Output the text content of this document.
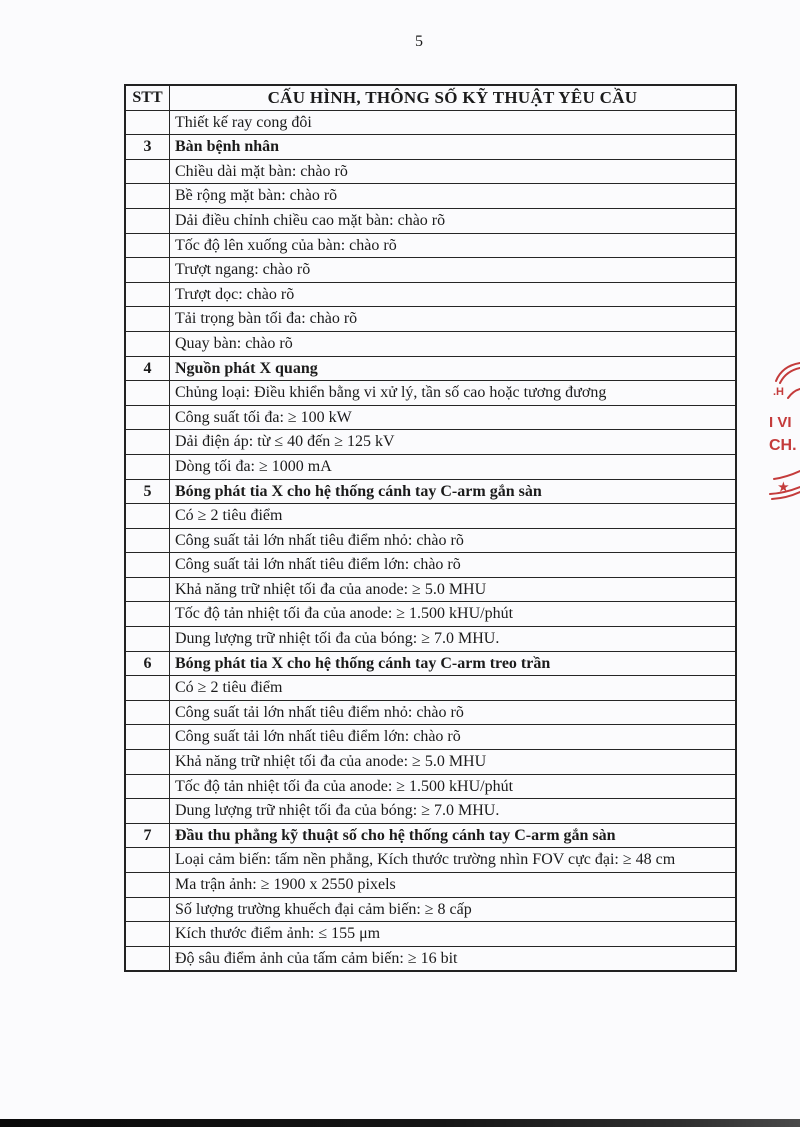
5
STT	CẤU HÌNH, THÔNG SỐ KỸ THUẬT YÊU CẦU
	Thiết kế ray cong đôi
3	Bàn bệnh nhân
	Chiều dài mặt bàn: chào rõ
	Bề rộng mặt bàn: chào rõ
	Dải điều chỉnh chiều cao mặt bàn: chào rõ
	Tốc độ lên xuống của bàn: chào rõ
	Trượt ngang: chào rõ
	Trượt dọc: chào rõ
	Tải trọng bàn tối đa: chào rõ
	Quay bàn: chào rõ
4	Nguồn phát X quang
	Chủng loại: Điều khiển bằng vi xử lý, tần số cao hoặc tương đương
	Công suất tối đa: ≥ 100 kW
	Dải điện áp: từ ≤ 40 đến ≥ 125 kV
	Dòng tối đa: ≥ 1000 mA
5	Bóng phát tia X cho hệ thống cánh tay C-arm gắn sàn
	Có ≥ 2 tiêu điểm
	Công suất tải lớn nhất tiêu điểm nhỏ: chào rõ
	Công suất tải lớn nhất tiêu điểm lớn: chào rõ
	Khả năng trữ nhiệt tối đa của anode: ≥ 5.0 MHU
	Tốc độ tản nhiệt tối đa của anode: ≥ 1.500 kHU/phút
	Dung lượng trữ nhiệt tối đa của bóng: ≥ 7.0 MHU.
6	Bóng phát tia X cho hệ thống cánh tay C-arm treo trần
	Có ≥ 2 tiêu điểm
	Công suất tải lớn nhất tiêu điểm nhỏ: chào rõ
	Công suất tải lớn nhất tiêu điểm lớn: chào rõ
	Khả năng trữ nhiệt tối đa của anode: ≥ 5.0 MHU
	Tốc độ tản nhiệt tối đa của anode: ≥ 1.500 kHU/phút
	Dung lượng trữ nhiệt tối đa của bóng: ≥ 7.0 MHU.
7	Đầu thu phẳng kỹ thuật số cho hệ thống cánh tay C-arm gắn sàn
	Loại cảm biến: tấm nền phẳng, Kích thước trường nhìn FOV cực đại: ≥ 48 cm
	Ma trận ảnh: ≥ 1900 x 2550 pixels
	Số lượng trường khuếch đại cảm biến: ≥ 8 cấp
	Kích thước điểm ảnh: ≤ 155 μm
	Độ sâu điểm ảnh của tấm cảm biến: ≥ 16 bit
.H
I VI
CH.
★
